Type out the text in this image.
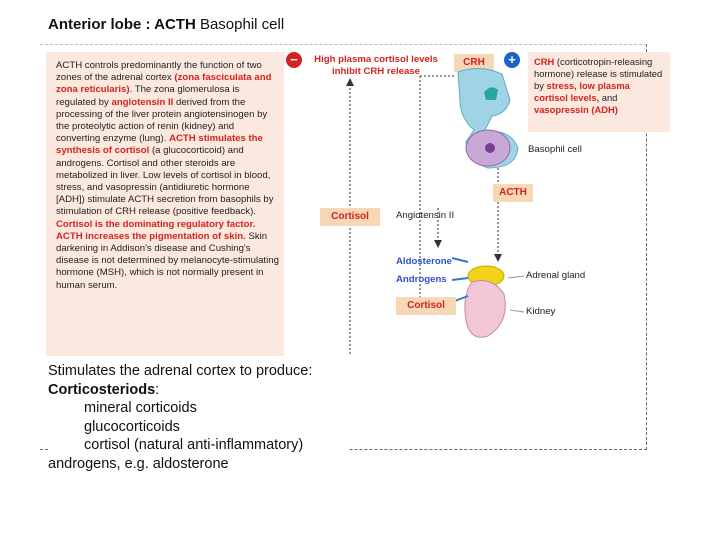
Anterior lobe : ACTH Basophil cell

ACTH controls predominantly the function of two zones of the adrenal cortex (zona fasciculata and zona reticularis). The zona glomerulosa is regulated by angiotensin II derived from the processing of the liver protein angiotensinogen by the proteolytic action of renin (kidney) and converting enzyme (lung). ACTH stimulates the synthesis of cortisol (a glucocorticoid) and androgens. Cortisol and other steroids are metabolized in liver. Low levels of cortisol in blood, stress, and vasopressin (antidiuretic hormone [ADH]) stimulate ACTH secretion from basophils by stimulation of CRH release (positive feedback). Cortisol is the dominating regulatory factor. ACTH increases the pigmentation of skin. Skin darkening in Addison's disease and Cushing's disease is not determined by melanocyte-stimulating hormone (MSH), which is not normally present in human serum.

−	High plasma cortisol levels inhibit CRH release
+
CRH	CRH (corticotropin-releasing hormone) release is stimulated by stress, low plasma cortisol levels, and vasopressin (ADH)

Basophil cell
ACTH
Cortisol	Angiotensin II
Aldosterone
Androgens
Cortisol
Adrenal gland
Kidney
Stimulates the adrenal cortex to produce:
Corticosteriods:
mineral corticoids
glucocorticoids
cortisol (natural anti-inflammatory)
androgens, e.g. aldosterone
